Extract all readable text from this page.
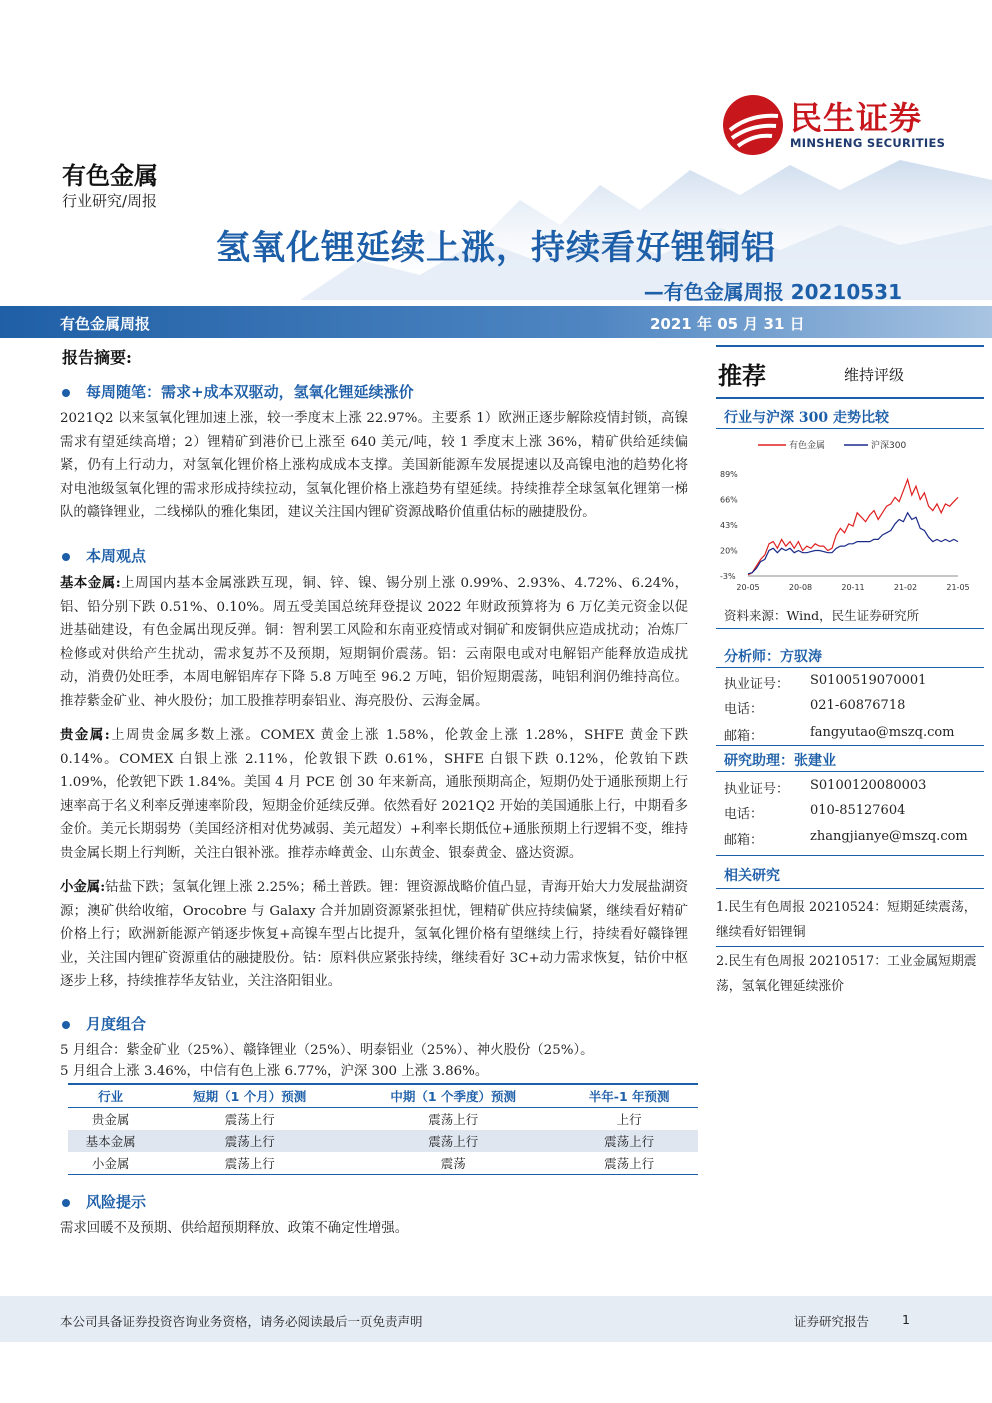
民生证券
MINSHENG SECURITIES
有色金属
行业研究/周报
氢氧化锂延续上涨，持续看好锂铜铝
—有色金属周报 20210531
有色金属周报	2021 年 05 月 31 日
报告摘要:
每周随笔：需求+成本双驱动，氢氧化锂延续涨价
2021Q2 以来氢氧化锂加速上涨，较一季度末上涨 22.97%。主要系 1）欧洲正逐步解除疫情封锁，高镍需求有望延续高增；2）锂精矿到港价已上涨至 640 美元/吨，较 1 季度末上涨 36%，精矿供给延续偏紧，仍有上行动力，对氢氧化锂价格上涨构成成本支撑。美国新能源车发展提速以及高镍电池的趋势化将对电池级氢氧化锂的需求形成持续拉动，氢氧化锂价格上涨趋势有望延续。持续推荐全球氢氧化锂第一梯队的赣锋锂业，二线梯队的雅化集团，建议关注国内锂矿资源战略价值重估标的融捷股份。
本周观点
基本金属:上周国内基本金属涨跌互现，铜、锌、镍、锡分别上涨 0.99%、2.93%、4.72%、6.24%，铝、铅分别下跌 0.51%、0.10%。周五受美国总统拜登提议 2022 年财政预算将为 6 万亿美元资金以促进基础建设，有色金属出现反弹。铜：智利罢工风险和东南亚疫情或对铜矿和废铜供应造成扰动；冶炼厂检修或对供给产生扰动，需求复苏不及预期，短期铜价震荡。铝：云南限电或对电解铝产能释放造成扰动，消费仍处旺季，本周电解铝库存下降 5.8 万吨至 96.2 万吨，铝价短期震荡，吨铝利润仍维持高位。推荐紫金矿业、神火股份；加工股推荐明泰铝业、海亮股份、云海金属。
贵金属:上周贵金属多数上涨。COMEX 黄金上涨 1.58%，伦敦金上涨 1.28%，SHFE 黄金下跌 0.14%。COMEX 白银上涨 2.11%，伦敦银下跌 0.61%，SHFE 白银下跌 0.12%，伦敦铂下跌 1.09%，伦敦钯下跌 1.84%。美国 4 月 PCE 创 30 年来新高，通胀预期高企，短期仍处于通胀预期上行速率高于名义利率反弹速率阶段，短期金价延续反弹。依然看好 2021Q2 开始的美国通胀上行，中期看多金价。美元长期弱势（美国经济相对优势减弱、美元超发）+利率长期低位+通胀预期上行逻辑不变，维持贵金属长期上行判断，关注白银补涨。推荐赤峰黄金、山东黄金、银泰黄金、盛达资源。
小金属:钴盐下跌；氢氧化锂上涨 2.25%；稀土普跌。锂：锂资源战略价值凸显，青海开始大力发展盐湖资源；澳矿供给收缩，Orocobre 与 Galaxy 合并加剧资源紧张担忧，锂精矿供应持续偏紧，继续看好精矿价格上行；欧洲新能源产销逐步恢复+高镍车型占比提升，氢氧化锂价格有望继续上行，持续看好赣锋锂业，关注国内锂矿资源重估的融捷股份。钴：原料供应紧张持续，继续看好 3C+动力需求恢复，钴价中枢逐步上移，持续推荐华友钴业，关注洛阳钼业。
月度组合
5 月组合：紫金矿业（25%）、赣锋锂业（25%）、明泰铝业（25%）、神火股份（25%）。
5 月组合上涨 3.46%，中信有色上涨 6.77%，沪深 300 上涨 3.86%。
行业	短期（1 个月）预测	中期（1 个季度）预测	半年-1 年预测
贵金属	震荡上行	震荡上行	上行
基本金属	震荡上行	震荡上行	震荡上行
小金属	震荡上行	震荡	震荡上行
风险提示
需求回暖不及预期、供给超预期释放、政策不确定性增强。
推荐	维持评级
行业与沪深 300 走势比较
有色金属	沪深300
89%
66%
43%
20%
-3%
20-05	20-08	20-11	21-02	21-05
资料来源：Wind，民生证券研究所
分析师：方驭涛
执业证号： S0100519070001
电话：	021-60876718
邮箱：	fangyutao@mszq.com
研究助理：张建业
执业证号： S0100120080003
电话：	010-85127604
邮箱：	zhangjianye@mszq.com
相关研究
1.民生有色周报 20210524：短期延续震荡， 继续看好铝锂铜
2.民生有色周报 20210517：工业金属短期震荡，氢氧化锂延续涨价
本公司具备证券投资咨询业务资格，请务必阅读最后一页免责声明	证券研究报告	1
